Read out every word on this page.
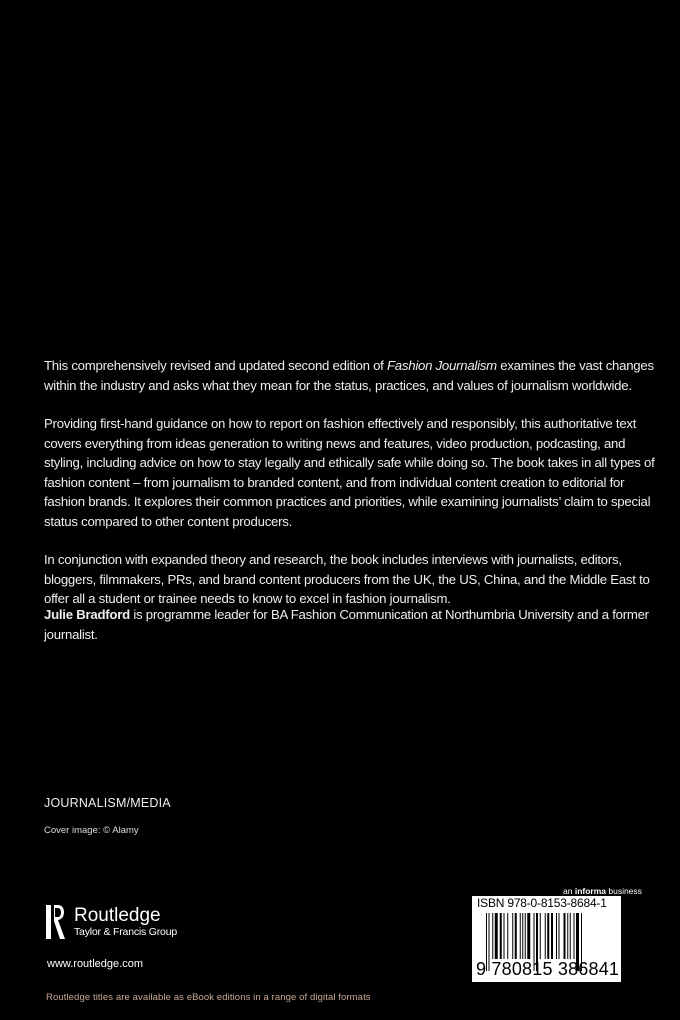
This comprehensively revised and updated second edition of Fashion Journalism examines the vast changes within the industry and asks what they mean for the status, practices, and values of journalism worldwide.

Providing first-hand guidance on how to report on fashion effectively and responsibly, this authoritative text covers everything from ideas generation to writing news and features, video production, podcasting, and styling, including advice on how to stay legally and ethically safe while doing so. The book takes in all types of fashion content – from journalism to branded content, and from individual content creation to editorial for fashion brands. It explores their common practices and priorities, while examining journalists’ claim to special status compared to other content producers.

In conjunction with expanded theory and research, the book includes interviews with journalists, editors, bloggers, filmmakers, PRs, and brand content producers from the UK, the US, China, and the Middle East to offer all a student or trainee needs to know to excel in fashion journalism.

Julie Bradford is programme leader for BA Fashion Communication at Northumbria University and a former journalist.
JOURNALISM/MEDIA
Cover image: © Alamy
Routledge
Taylor & Francis Group
www.routledge.com
Routledge titles are available as eBook editions in a range of digital formats
an informa business
ISBN 978-0-8153-8684-1
9 780815 386841
